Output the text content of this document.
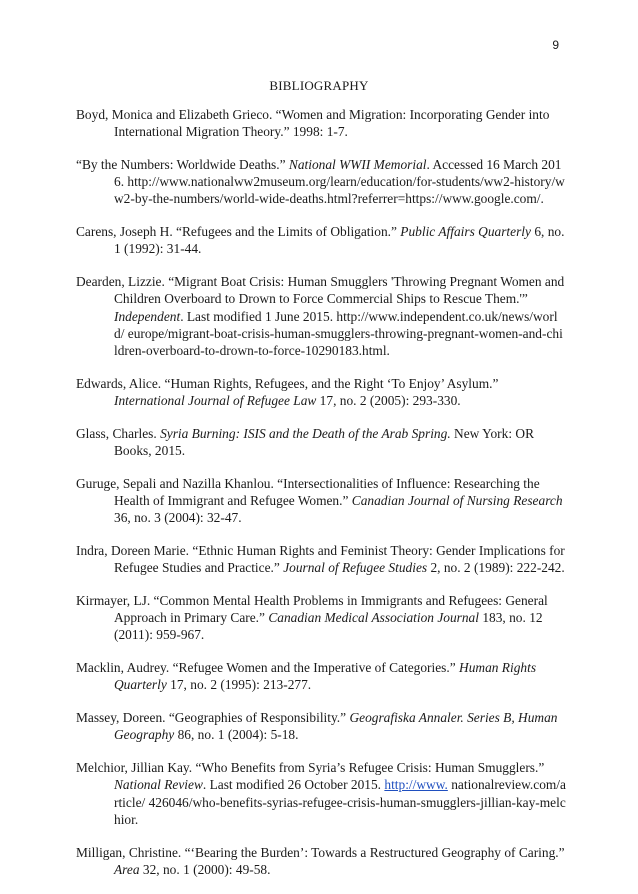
9
BIBLIOGRAPHY

Boyd, Monica and Elizabeth Grieco. “Women and Migration: Incorporating Gender into International Migration Theory.” 1998: 1-7.

“By the Numbers: Worldwide Deaths.” National WWII Memorial. Accessed 16 March 2016. http://www.nationalww2museum.org/learn/education/for-students/ww2-history/ww2-by-the-numbers/world-wide-deaths.html?referrer=https://www.google.com/.

Carens, Joseph H. “Refugees and the Limits of Obligation.” Public Affairs Quarterly 6, no. 1 (1992): 31-44.

Dearden, Lizzie. “Migrant Boat Crisis: Human Smugglers 'Throwing Pregnant Women and Children Overboard to Drown to Force Commercial Ships to Rescue Them.'” Independent. Last modified 1 June 2015. http://www.independent.co.uk/news/world/ europe/migrant-boat-crisis-human-smugglers-throwing-pregnant-women-and-children-overboard-to-drown-to-force-10290183.html.

Edwards, Alice. “Human Rights, Refugees, and the Right ‘To Enjoy’ Asylum.” International Journal of Refugee Law 17, no. 2 (2005): 293-330.

Glass, Charles. Syria Burning: ISIS and the Death of the Arab Spring. New York: OR Books, 2015.

Guruge, Sepali and Nazilla Khanlou. “Intersectionalities of Influence: Researching the Health of Immigrant and Refugee Women.” Canadian Journal of Nursing Research 36, no. 3 (2004): 32-47.

Indra, Doreen Marie. “Ethnic Human Rights and Feminist Theory: Gender Implications for Refugee Studies and Practice.” Journal of Refugee Studies 2, no. 2 (1989): 222-242.

Kirmayer, LJ. “Common Mental Health Problems in Immigrants and Refugees: General Approach in Primary Care.” Canadian Medical Association Journal 183, no. 12 (2011): 959-967.

Macklin, Audrey. “Refugee Women and the Imperative of Categories.” Human Rights Quarterly 17, no. 2 (1995): 213-277.

Massey, Doreen. “Geographies of Responsibility.” Geografiska Annaler. Series B, Human Geography 86, no. 1 (2004): 5-18.

Melchior, Jillian Kay. “Who Benefits from Syria’s Refugee Crisis: Human Smugglers.” National Review. Last modified 26 October 2015. http://www. nationalreview.com/article/ 426046/who-benefits-syrias-refugee-crisis-human-smugglers-jillian-kay-melchior.

Milligan, Christine. “‘Bearing the Burden’: Towards a Restructured Geography of Caring.” Area 32, no. 1 (2000): 49-58.
